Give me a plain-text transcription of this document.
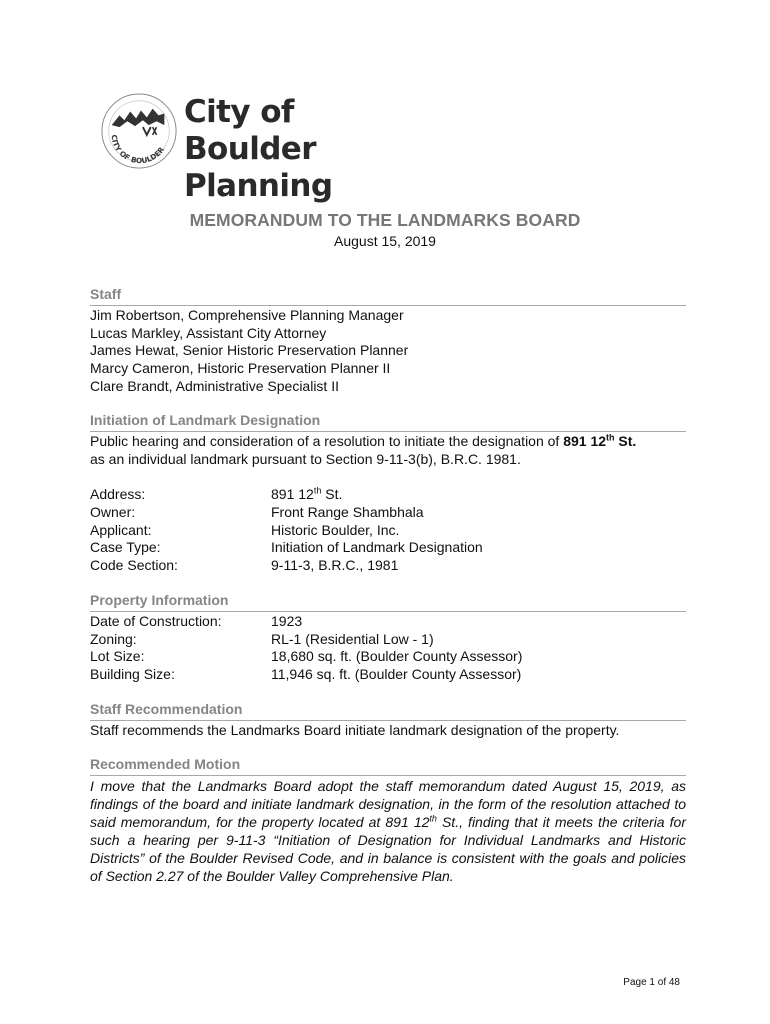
CITY OF BOULDER
City of Boulder
Planning
MEMORANDUM TO THE LANDMARKS BOARD
August 15, 2019
Staff
Jim Robertson, Comprehensive Planning Manager
Lucas Markley, Assistant City Attorney
James Hewat, Senior Historic Preservation Planner
Marcy Cameron, Historic Preservation Planner II
Clare Brandt, Administrative Specialist II
Initiation of Landmark Designation
Public hearing and consideration of a resolution to initiate the designation of 891 12th St.
as an individual landmark pursuant to Section 9-11-3(b), B.R.C. 1981.
Address:	891 12th St.
Owner:	Front Range Shambhala
Applicant:	Historic Boulder, Inc.
Case Type:	Initiation of Landmark Designation
Code Section:	9-11-3, B.R.C., 1981
Property Information
Date of Construction:	1923
Zoning:	RL-1 (Residential Low - 1)
Lot Size:	18,680 sq. ft. (Boulder County Assessor)
Building Size:	11,946 sq. ft. (Boulder County Assessor)
Staff Recommendation
Staff recommends the Landmarks Board initiate landmark designation of the property.
Recommended Motion
I move that the Landmarks Board adopt the staff memorandum dated August 15, 2019, as findings of the board and initiate landmark designation, in the form of the resolution attached to said memorandum, for the property located at 891 12th St., finding that it meets the criteria for such a hearing per 9-11-3 “Initiation of Designation for Individual Landmarks and Historic Districts” of the Boulder Revised Code, and in balance is consistent with the goals and policies of Section 2.27 of the Boulder Valley Comprehensive Plan.
Page 1 of 48
